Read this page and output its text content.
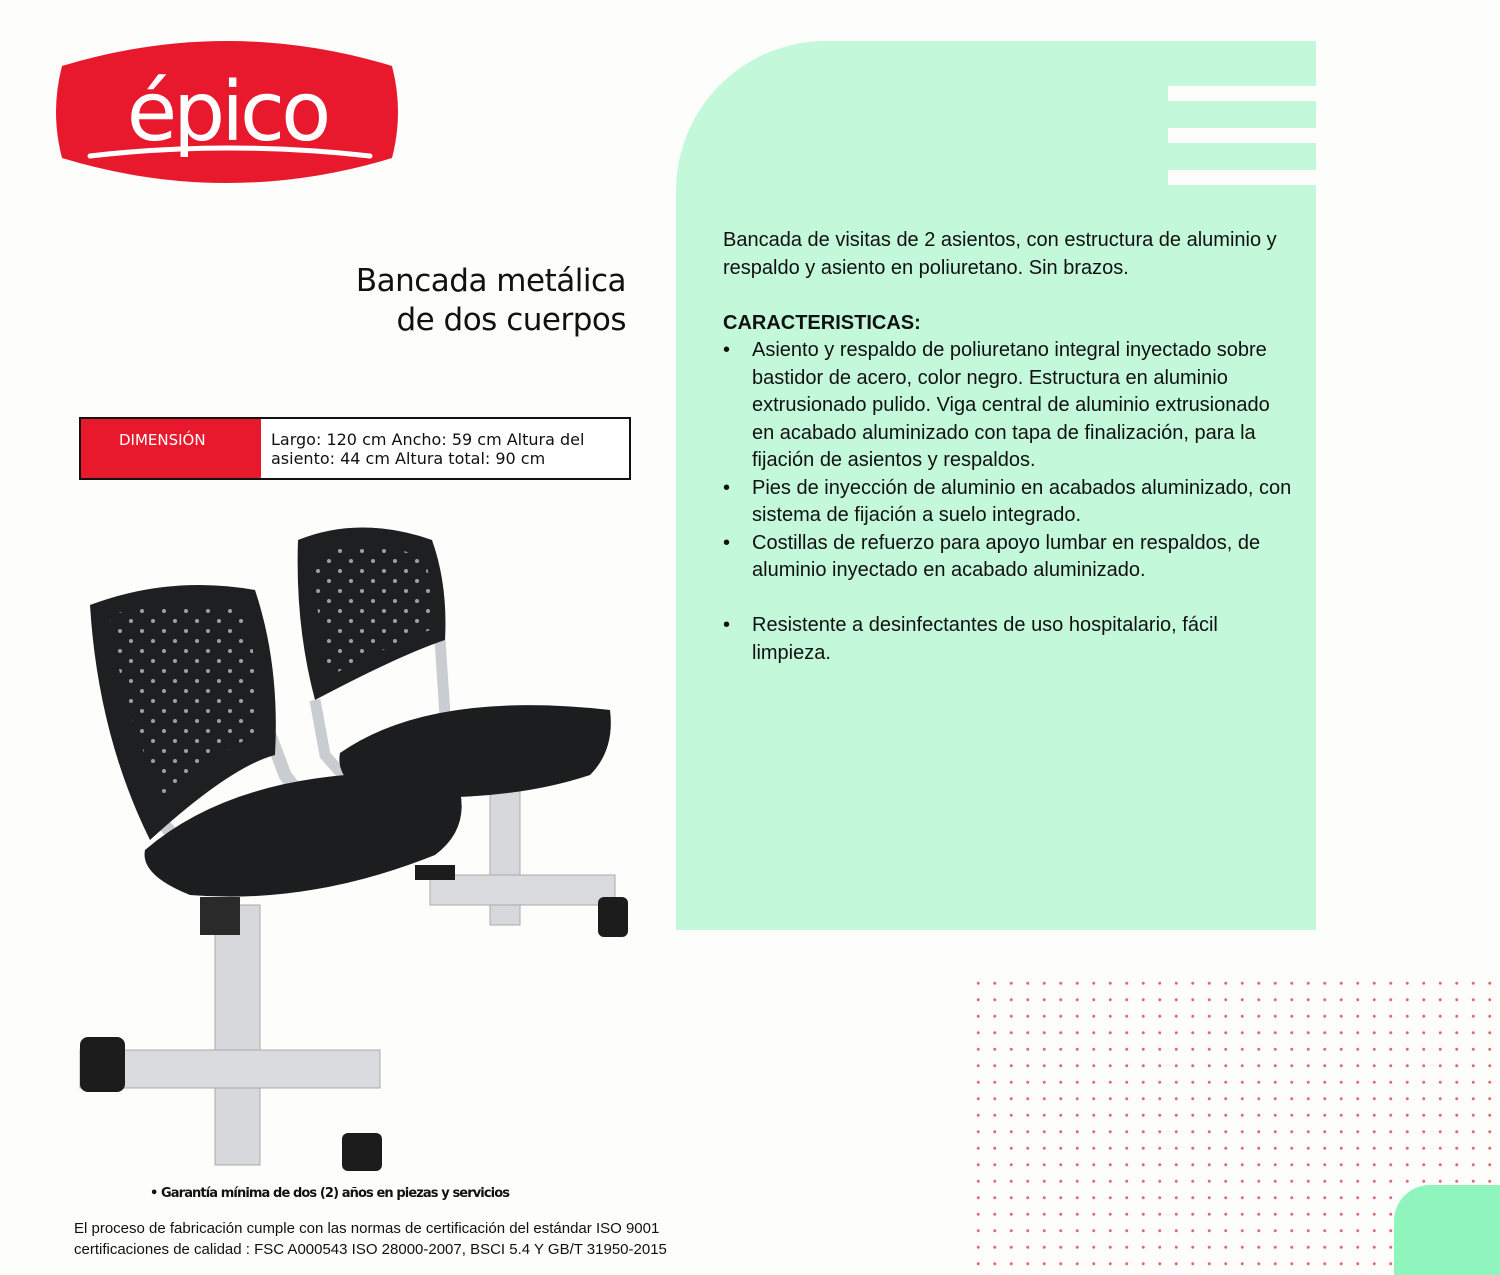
épico
Bancada metálica
de dos cuerpos
DIMENSIÓN	Largo: 120 cm Ancho: 59 cm Altura del asiento: 44 cm Altura total: 90 cm
• Garantía mínima de dos (2) años en piezas y servicios
El proceso de fabricación cumple con las normas de certificación del estándar ISO 9001
certificaciones de calidad : FSC A000543 ISO 28000-2007, BSCI 5.4 Y GB/T 31950-2015

Bancada de visitas de 2 asientos, con estructura de aluminio y respaldo y asiento en poliuretano. Sin brazos.

CARACTERISTICAS:

• Asiento y respaldo de poliuretano integral inyectado sobre bastidor de acero, color negro. Estructura en aluminio extrusionado pulido. Viga central de aluminio extrusionado en acabado aluminizado con tapa de finalización, para la fijación de asientos y respaldos.
• Pies de inyección de aluminio en acabados aluminizado, con sistema de fijación a suelo integrado.
• Costillas de refuerzo para apoyo lumbar en respaldos, de aluminio inyectado en acabado aluminizado.
• Resistente a desinfectantes de uso hospitalario, fácil limpieza.
